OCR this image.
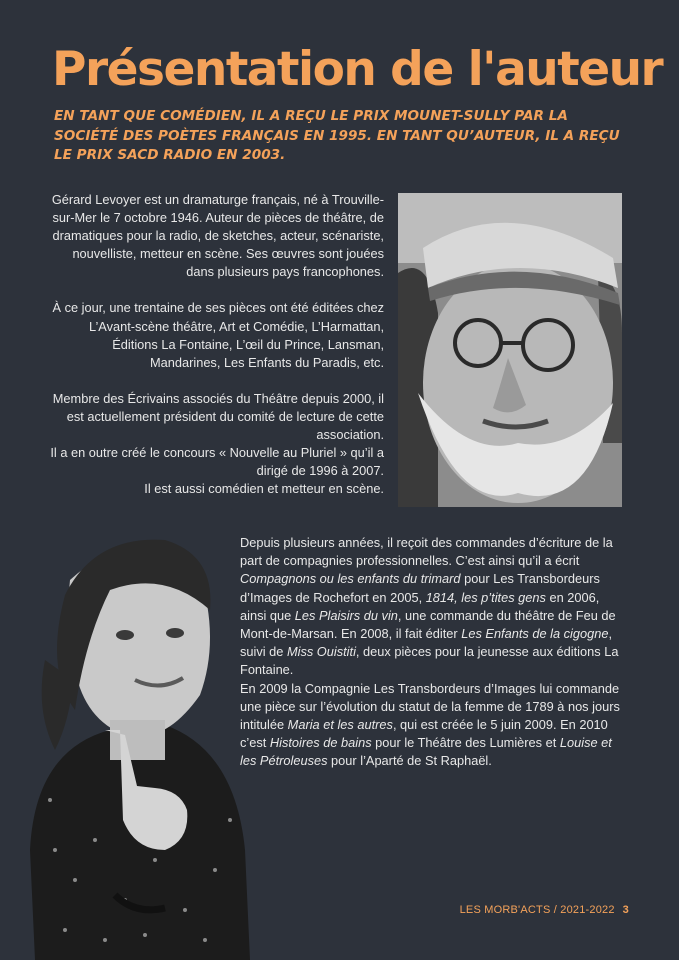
Présentation de l'auteur
EN TANT QUE COMÉDIEN, IL A REÇU LE PRIX MOUNET-SULLY PAR LA SOCIÉTÉ DES POÈTES FRANÇAIS EN 1995. EN TANT QU’AUTEUR, IL A REÇU LE PRIX SACD RADIO EN 2003.

Gérard Levoyer est un dramaturge français, né à Trouville-sur-Mer le 7 octobre 1946. Auteur de pièces de théâtre, de dramatiques pour la radio, de sketches, acteur, scénariste, nouvelliste, metteur en scène. Ses œuvres sont jouées dans plusieurs pays francophones.

À ce jour, une trentaine de ses pièces ont été éditées chez L’Avant-scène théâtre, Art et Comédie, L’Harmattan, Éditions La Fontaine, L’œil du Prince, Lansman, Mandarines, Les Enfants du Paradis, etc.

Membre des Écrivains associés du Théâtre depuis 2000, il est actuellement président du comité de lecture de cette association.
Il a en outre créé le concours « Nouvelle au Pluriel » qu’il a dirigé de 1996 à 2007.
Il est aussi comédien et metteur en scène.

Depuis plusieurs années, il reçoit des commandes d’écriture de la part de compagnies professionnelles. C’est ainsi qu’il a écrit Compagnons ou les enfants du trimard pour Les Transbordeurs d’Images de Rochefort en 2005, 1814, les p’tites gens en 2006, ainsi que Les Plaisirs du vin, une commande du théâtre de Feu de Mont-de-Marsan. En 2008, il fait éditer Les Enfants de la cigogne, suivi de Miss Ouistiti, deux pièces pour la jeunesse aux éditions La Fontaine.

En 2009 la Compagnie Les Transbordeurs d’Images lui commande une pièce sur l’évolution du statut de la femme de 1789 à nos jours intitulée Maria et les autres, qui est créée le 5 juin 2009. En 2010 c’est Histoires de bains pour le Théâtre des Lumières et Louise et les Pétroleuses pour l’Aparté de St Raphaël.

LES MORB'ACTS / 2021-2022 3
